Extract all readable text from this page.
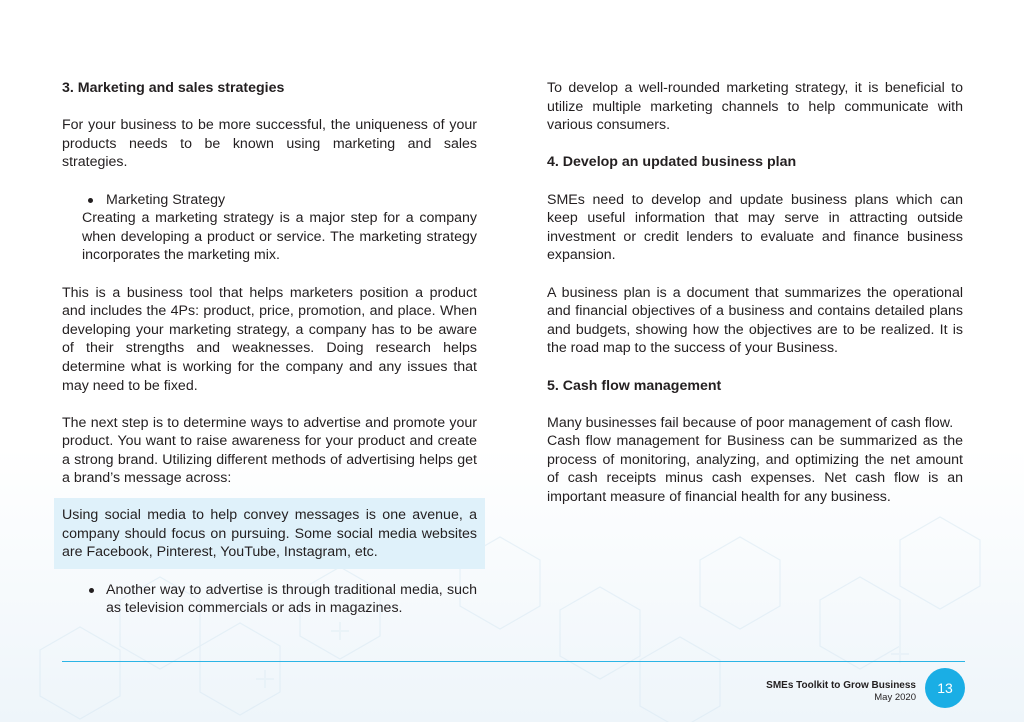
3. Marketing and sales strategies

For your business to be more successful, the uniqueness of your products needs to be known using marketing and sales strategies.

Marketing Strategy

Creating a marketing strategy is a major step for a company when developing a product or service. The marketing strategy incorporates the marketing mix.

This is a business tool that helps marketers position a product and includes the 4Ps: product, price, promotion, and place. When developing your marketing strategy, a company has to be aware of their strengths and weaknesses. Doing research helps determine what is working for the company and any issues that may need to be fixed.

The next step is to determine ways to advertise and promote your product. You want to raise awareness for your product and create a strong brand. Utilizing different methods of advertising helps get a brand’s message across:

Using social media to help convey messages is one avenue, a company should focus on pursuing. Some social media websites are Facebook, Pinterest, YouTube, Instagram, etc.

Another way to advertise is through traditional media, such as television commercials or ads in magazines.

To develop a well-rounded marketing strategy, it is beneficial to utilize multiple marketing channels to help communicate with various consumers.

4. Develop an updated business plan

SMEs need to develop and update business plans which can keep useful information that may serve in attracting outside investment or credit lenders to evaluate and finance business expansion.

A business plan is a document that summarizes the operational and financial objectives of a business and contains detailed plans and budgets, showing how the objectives are to be realized. It is the road map to the success of your Business.

5. Cash flow management

Many businesses fail because of poor management of cash flow.

Cash flow management for Business can be summarized as the process of monitoring, analyzing, and optimizing the net amount of cash receipts minus cash expenses. Net cash flow is an important measure of financial health for any business.

SMEs Toolkit to Grow Business
May 2020
13
